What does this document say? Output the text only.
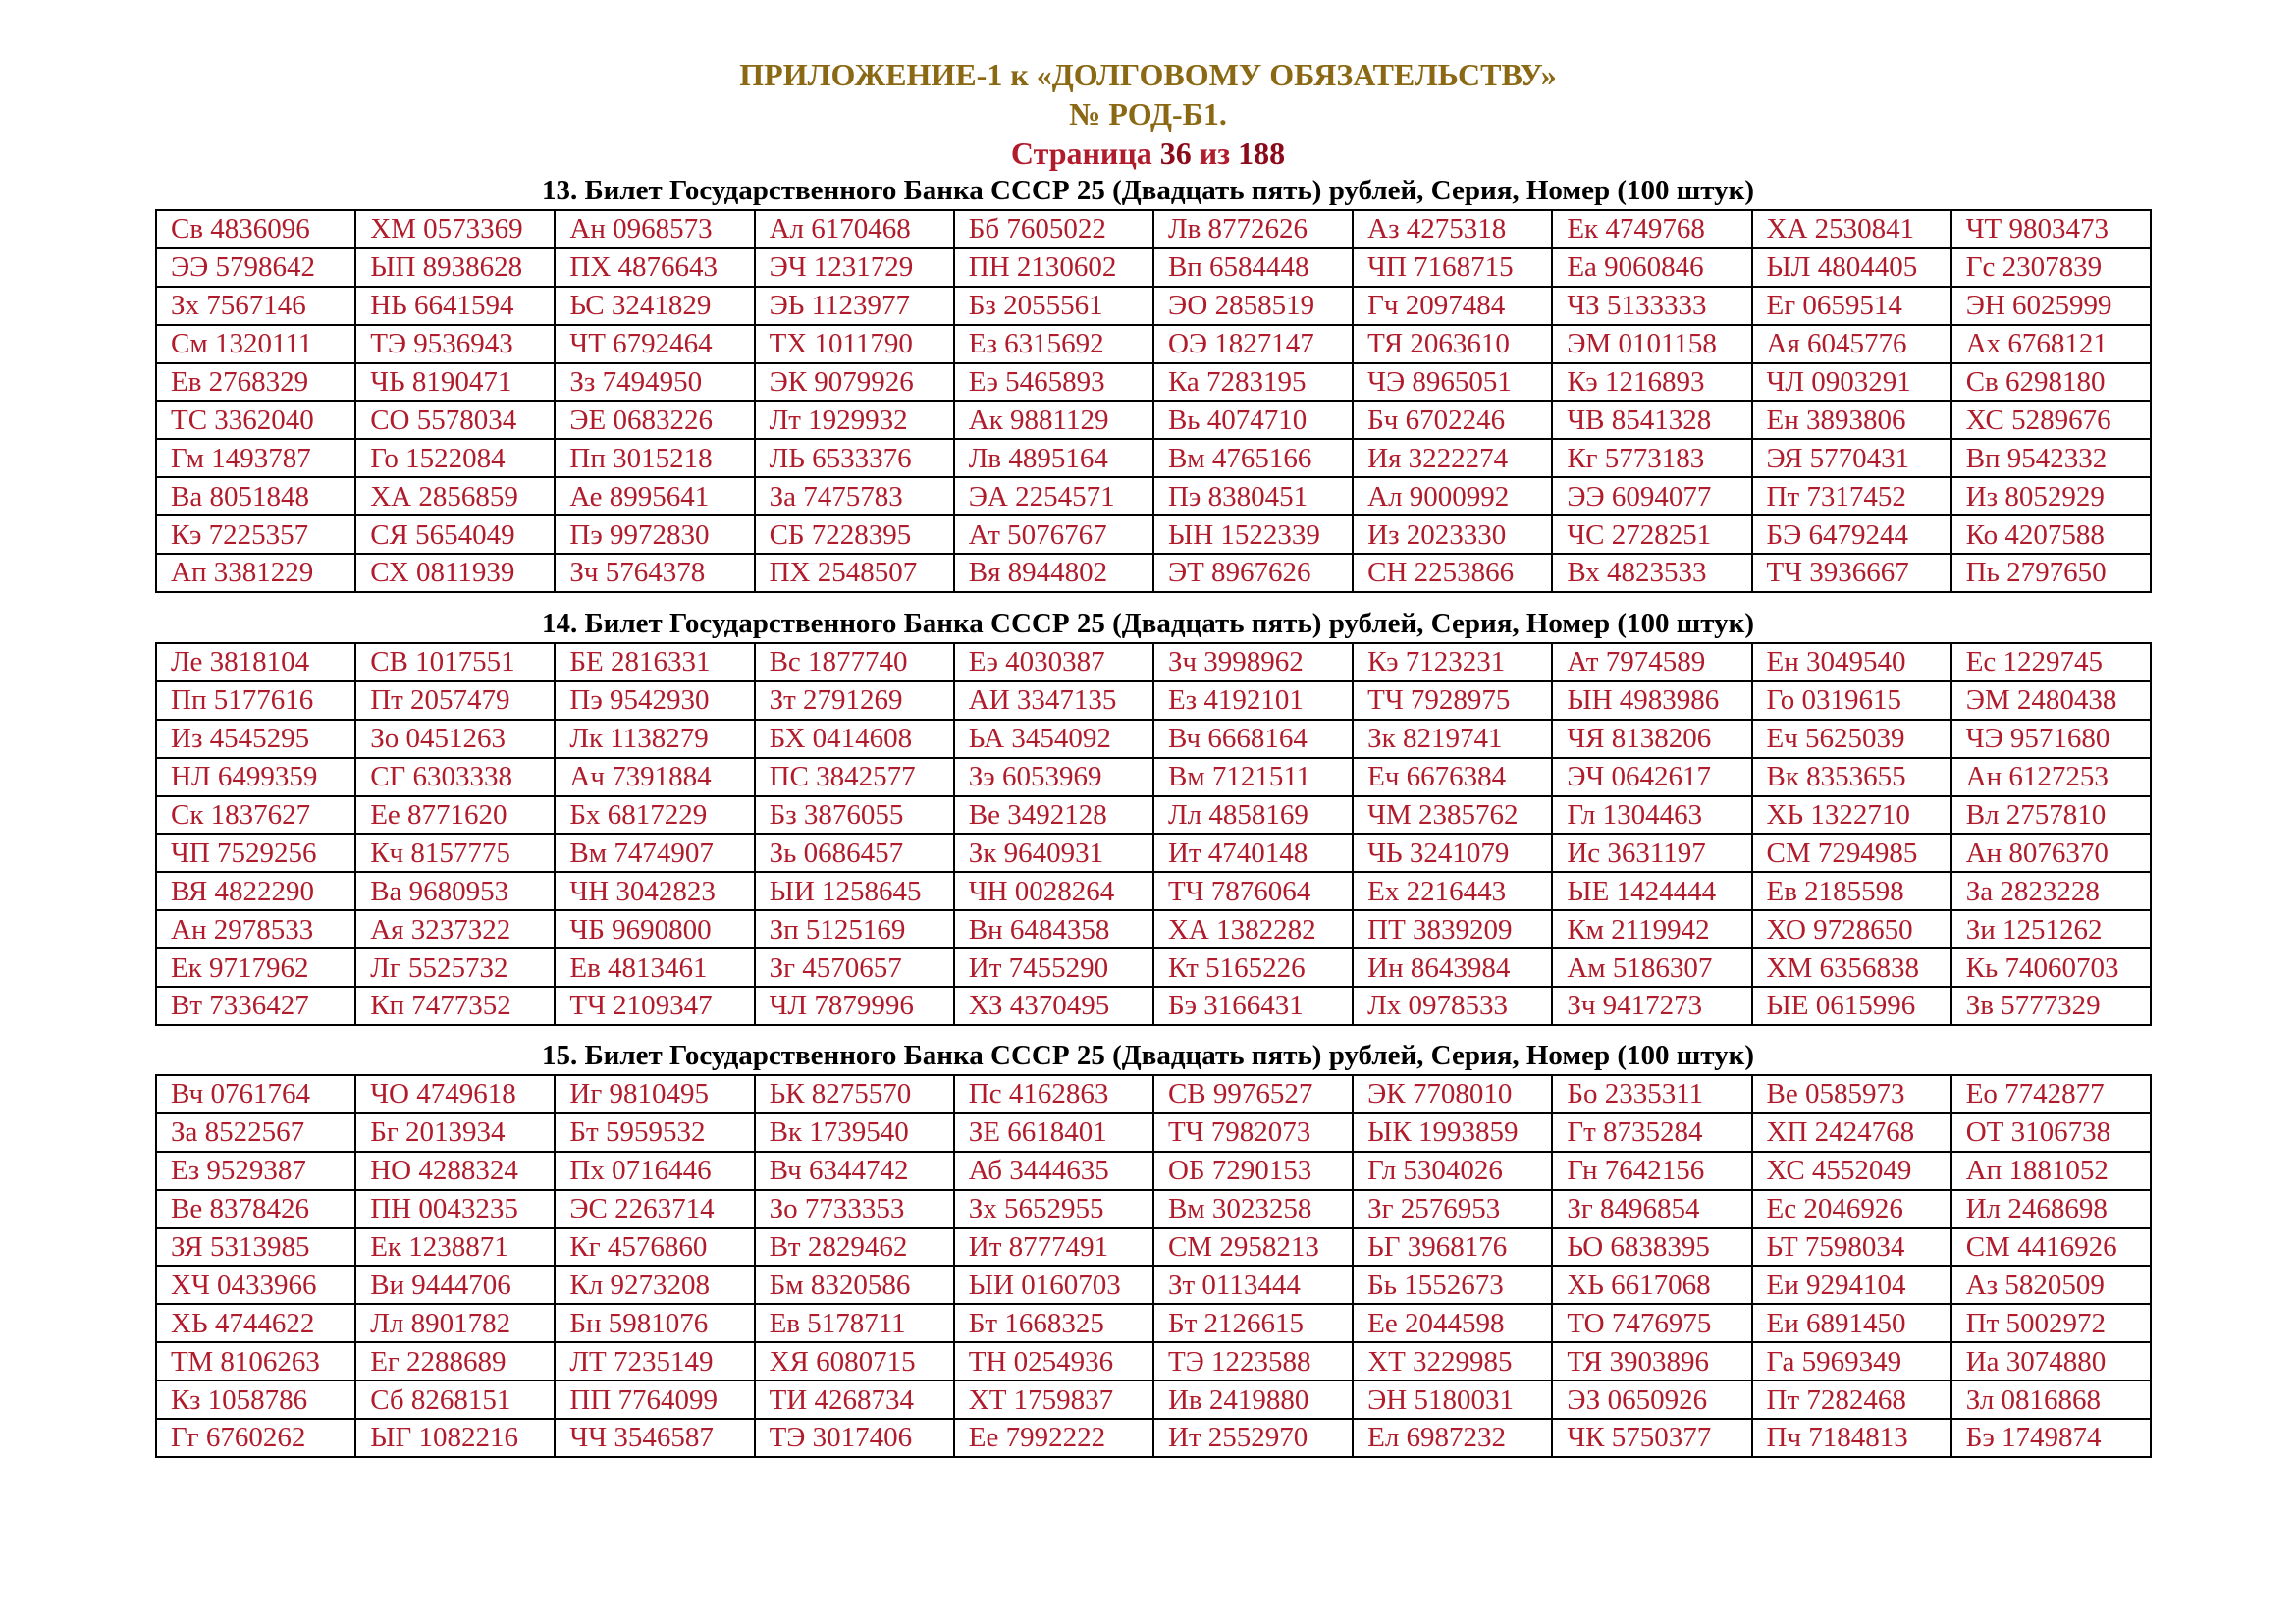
ПРИЛОЖЕНИЕ-1 к «ДОЛГОВОМУ ОБЯЗАТЕЛЬСТВУ»
№ РОД-Б1.
Страница 36 из 188
13. Билет Государственного Банка СССР 25 (Двадцать пять) рублей, Серия, Номер (100 штук)
Св 4836096	ХМ 0573369	Ан 0968573	Ал 6170468	Бб 7605022	Лв 8772626	Аз 4275318	Ек 4749768	ХА 2530841	ЧТ 9803473
ЭЭ 5798642	ЫП 8938628	ПХ 4876643	ЭЧ 1231729	ПН 2130602	Вп 6584448	ЧП 7168715	Еа 9060846	ЫЛ 4804405	Гс 2307839
Зх 7567146	НЬ 6641594	ЬС 3241829	ЭЬ 1123977	Бз 2055561	ЭО 2858519	Гч 2097484	ЧЗ 5133333	Ег 0659514	ЭН 6025999
См 1320111	ТЭ 9536943	ЧТ 6792464	ТХ 1011790	Ез 6315692	ОЭ 1827147	ТЯ 2063610	ЭМ 0101158	Ая 6045776	Ах 6768121
Ев 2768329	ЧЬ 8190471	Зз 7494950	ЭК 9079926	Еэ 5465893	Ка 7283195	ЧЭ 8965051	Кэ 1216893	ЧЛ 0903291	Св 6298180
ТС 3362040	СО 5578034	ЭЕ 0683226	Лт 1929932	Ак 9881129	Вь 4074710	Бч 6702246	ЧВ 8541328	Ен 3893806	ХС 5289676
Гм 1493787	Го 1522084	Пп 3015218	ЛЬ 6533376	Лв 4895164	Вм 4765166	Ия 3222274	Кг 5773183	ЭЯ 5770431	Вп 9542332
Ва 8051848	ХА 2856859	Ае 8995641	За 7475783	ЭА 2254571	Пэ 8380451	Ал 9000992	ЭЭ 6094077	Пт 7317452	Из 8052929
Кэ 7225357	СЯ 5654049	Пэ 9972830	СБ 7228395	Ат 5076767	ЫН 1522339	Из 2023330	ЧС 2728251	БЭ 6479244	Ко 4207588
Ап 3381229	СХ 0811939	Зч 5764378	ПХ 2548507	Вя 8944802	ЭТ 8967626	СН 2253866	Вх 4823533	ТЧ 3936667	Пь 2797650
14. Билет Государственного Банка СССР 25 (Двадцать пять) рублей, Серия, Номер (100 штук)
Ле 3818104	СВ 1017551	БЕ 2816331	Вс 1877740	Еэ 4030387	Зч 3998962	Кэ 7123231	Ат 7974589	Ен 3049540	Ес 1229745
Пп 5177616	Пт 2057479	Пэ 9542930	Зт 2791269	АИ 3347135	Ез 4192101	ТЧ 7928975	ЫН 4983986	Го 0319615	ЭМ 2480438
Из 4545295	Зо 0451263	Лк 1138279	БХ 0414608	ЬА 3454092	Вч 6668164	Зк 8219741	ЧЯ 8138206	Еч 5625039	ЧЭ 9571680
НЛ 6499359	СГ 6303338	Ач 7391884	ПС 3842577	Зэ 6053969	Вм 7121511	Еч 6676384	ЭЧ 0642617	Вк 8353655	Ан 6127253
Ск 1837627	Ее 8771620	Бх 6817229	Бз 3876055	Ве 3492128	Лл 4858169	ЧМ 2385762	Гл 1304463	ХЬ 1322710	Вл 2757810
ЧП 7529256	Кч 8157775	Вм 7474907	Зь 0686457	Зк 9640931	Ит 4740148	ЧЬ 3241079	Ис 3631197	СМ 7294985	Ан 8076370
ВЯ 4822290	Ва 9680953	ЧН 3042823	ЫИ 1258645	ЧН 0028264	ТЧ 7876064	Ех 2216443	ЫЕ 1424444	Ев 2185598	За 2823228
Ан 2978533	Ая 3237322	ЧБ 9690800	Зп 5125169	Вн 6484358	ХА 1382282	ПТ 3839209	Км 2119942	ХО 9728650	Зи 1251262
Ек 9717962	Лг 5525732	Ев 4813461	Зг 4570657	Ит 7455290	Кт 5165226	Ин 8643984	Ам 5186307	ХМ 6356838	Кь 74060703
Вт 7336427	Кп 7477352	ТЧ 2109347	ЧЛ 7879996	ХЗ 4370495	Бэ 3166431	Лх 0978533	Зч 9417273	ЫЕ 0615996	Зв 5777329
15. Билет Государственного Банка СССР 25 (Двадцать пять) рублей, Серия, Номер (100 штук)
Вч 0761764	ЧО 4749618	Иг 9810495	ЬК 8275570	Пс 4162863	СВ 9976527	ЭК 7708010	Бо 2335311	Ве 0585973	Ео 7742877
За 8522567	Бг 2013934	Бт 5959532	Вк 1739540	ЗЕ 6618401	ТЧ 7982073	ЫК 1993859	Гт 8735284	ХП 2424768	ОТ 3106738
Ез 9529387	НО 4288324	Пх 0716446	Вч 6344742	Аб 3444635	ОБ 7290153	Гл 5304026	Гн 7642156	ХС 4552049	Ап 1881052
Ве 8378426	ПН 0043235	ЭС 2263714	Зо 7733353	Зх 5652955	Вм 3023258	Зг 2576953	Зг 8496854	Ес 2046926	Ил 2468698
ЗЯ 5313985	Ек 1238871	Кг 4576860	Вт 2829462	Ит 8777491	СМ 2958213	ЬГ 3968176	ЬО 6838395	ЬТ 7598034	СМ 4416926
ХЧ 0433966	Ви 9444706	Кл 9273208	Бм 8320586	ЫИ 0160703	Зт 0113444	Бь 1552673	ХЬ 6617068	Еи 9294104	Аз 5820509
ХЬ 4744622	Лл 8901782	Бн 5981076	Ев 5178711	Бт 1668325	Бт 2126615	Ее 2044598	ТО 7476975	Еи 6891450	Пт 5002972
ТМ 8106263	Ег 2288689	ЛТ 7235149	ХЯ 6080715	ТН 0254936	ТЭ 1223588	ХТ 3229985	ТЯ 3903896	Га 5969349	Иа 3074880
Кз 1058786	Сб 8268151	ПП 7764099	ТИ 4268734	ХТ 1759837	Ив 2419880	ЭН 5180031	ЭЗ 0650926	Пт 7282468	Зл 0816868
Гг 6760262	ЫГ 1082216	ЧЧ 3546587	ТЭ 3017406	Ее 7992222	Ит 2552970	Ел 6987232	ЧК 5750377	Пч 7184813	Бэ 1749874
